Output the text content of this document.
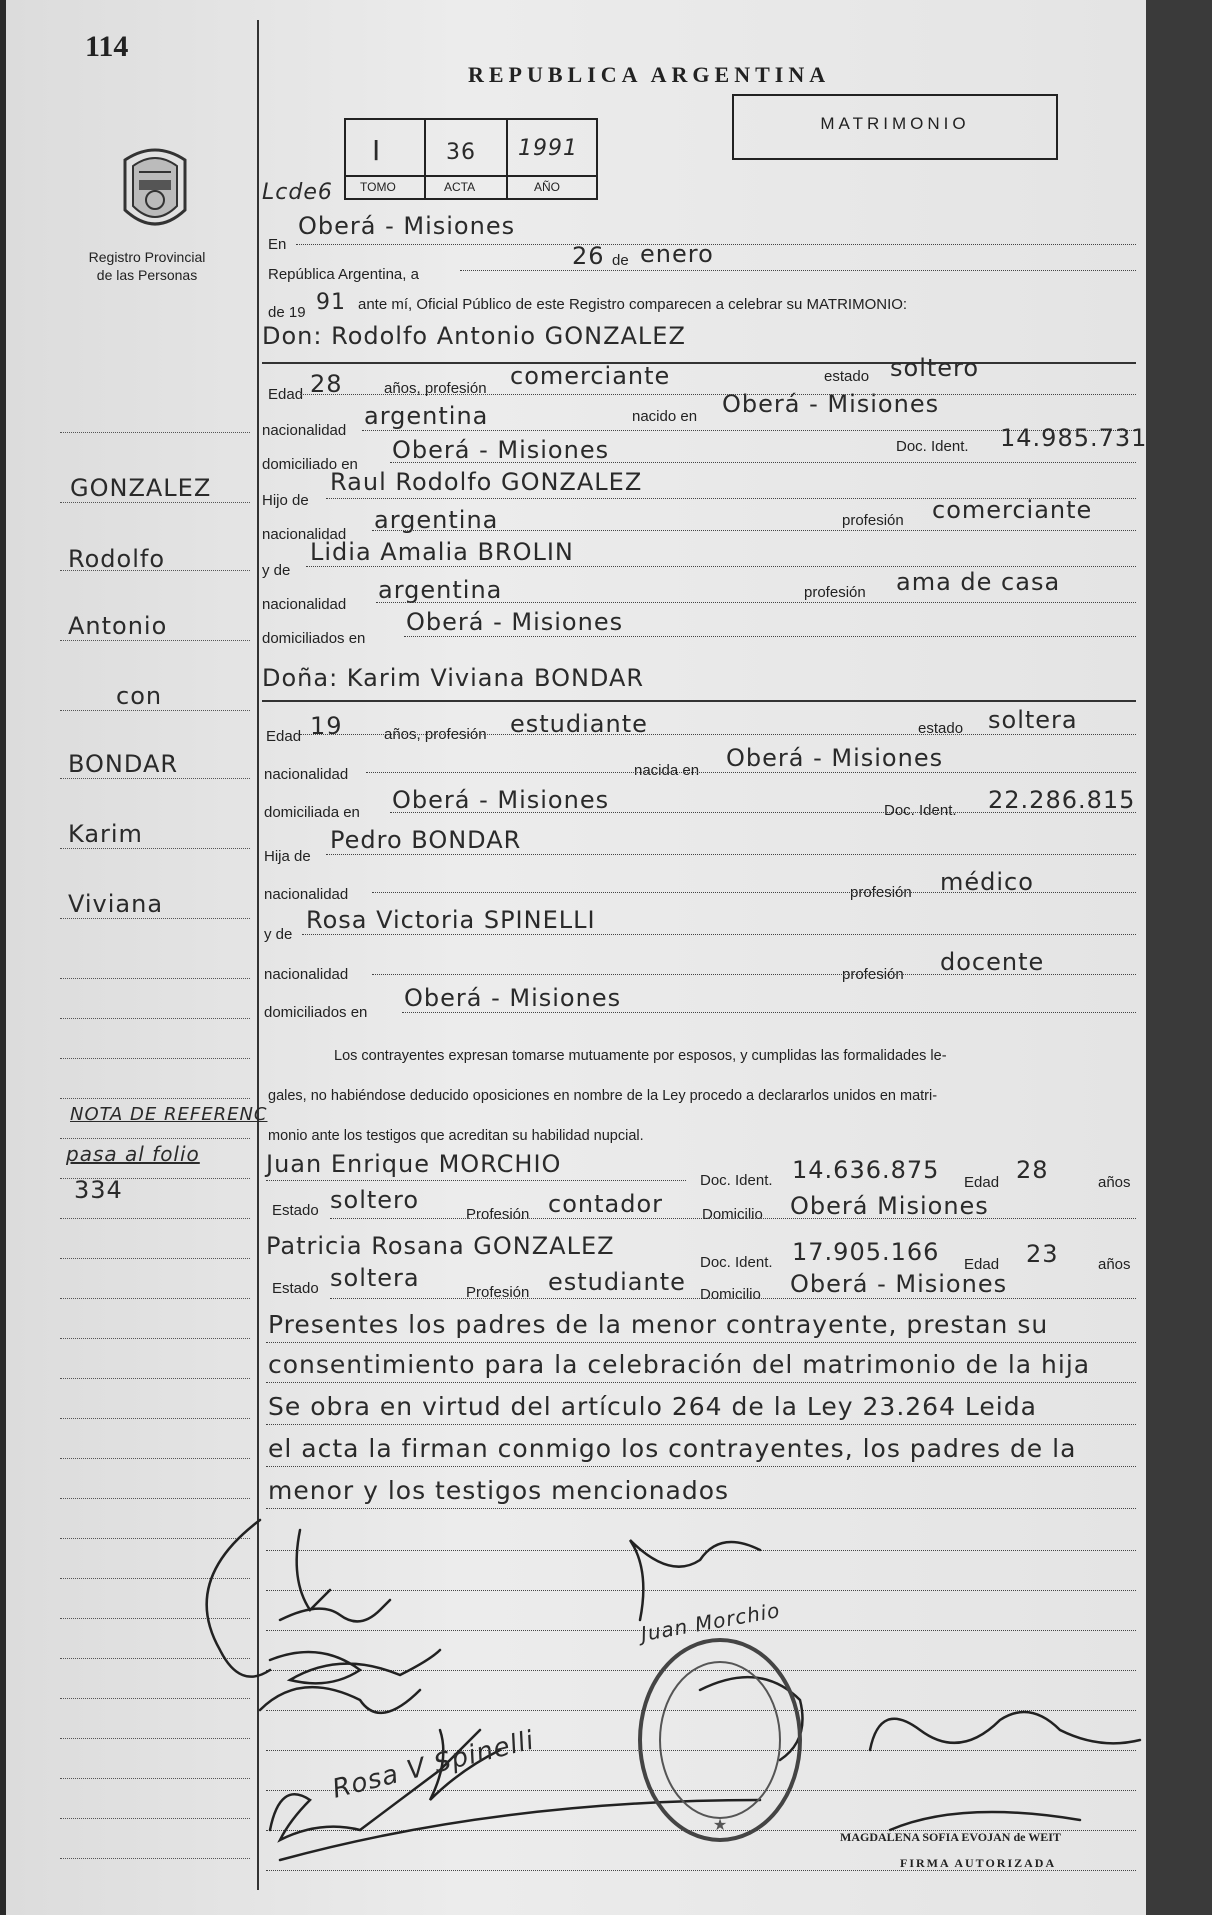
114
Registro Provincial
de las Personas
REPUBLICA ARGENTINA
MATRIMONIO
I	36 1991
TOMO	ACTA	AÑO
Lcde6
GONZALEZ
Rodolfo
Antonio
con
BONDAR
Karim
Viviana
NOTA DE REFERENC
pasa al folio
334
En
Oberá - Misiones
República Argentina, a
26 de enero
de 19 91 ante mí, Oficial Público de este Registro comparecen a celebrar su MATRIMONIO:
Don: Rodolfo Antonio GONZALEZ
Edad 28	años, profesión comerciante	estado soltero
nacionalidad
argentina	nacido en Oberá - Misiones
domiciliado en
Oberá - Misiones	Doc. Ident. 14.985.731
Hijo de
Raul Rodolfo GONZALEZ
nacionalidad
argentina	profesión comerciante
y de
Lidia Amalia BROLIN
nacionalidad
argentina	profesión ama de casa
domiciliados en
Oberá - Misiones
Doña: Karim Viviana BONDAR
Edad 19	años, profesión estudiante	estado soltera
nacionalidad	nacida en Oberá - Misiones
domiciliada en Oberá - Misiones	Doc. Ident. 22.286.815
Hija de
Pedro BONDAR
nacionalidad	profesión médico
y de
Rosa Victoria SPINELLI
nacionalidad	profesión docente
domiciliados en
Oberá - Misiones
Los contrayentes expresan tomarse mutuamente por esposos, y cumplidas las formalidades le-
gales, no habiéndose deducido oposiciones en nombre de la Ley procedo a declararlos unidos en matri-
monio ante los testigos que acreditan su habilidad nupcial.
Juan Enrique MORCHIO
Doc. Ident. 14.636.875 Edad 28	años
Estado soltero
Profesión contador	Domicilio Oberá Misiones
Patricia Rosana GONZALEZ
Doc. Ident. 17.905.166 Edad 23	años
Estado soltera
Profesión estudiante Domicilio Oberá - Misiones
Presentes los padres de la menor contrayente, prestan su
consentimiento para la celebración del matrimonio de la hija
Se obra en virtud del artículo 264 de la Ley 23.264 Leida
el acta la firman conmigo los contrayentes, los padres de la
menor y los testigos mencionados
★
Rosa V Spinelli
Juan Morchio
MAGDALENA SOFIA EVOJAN de WEIT
FIRMA AUTORIZADA
